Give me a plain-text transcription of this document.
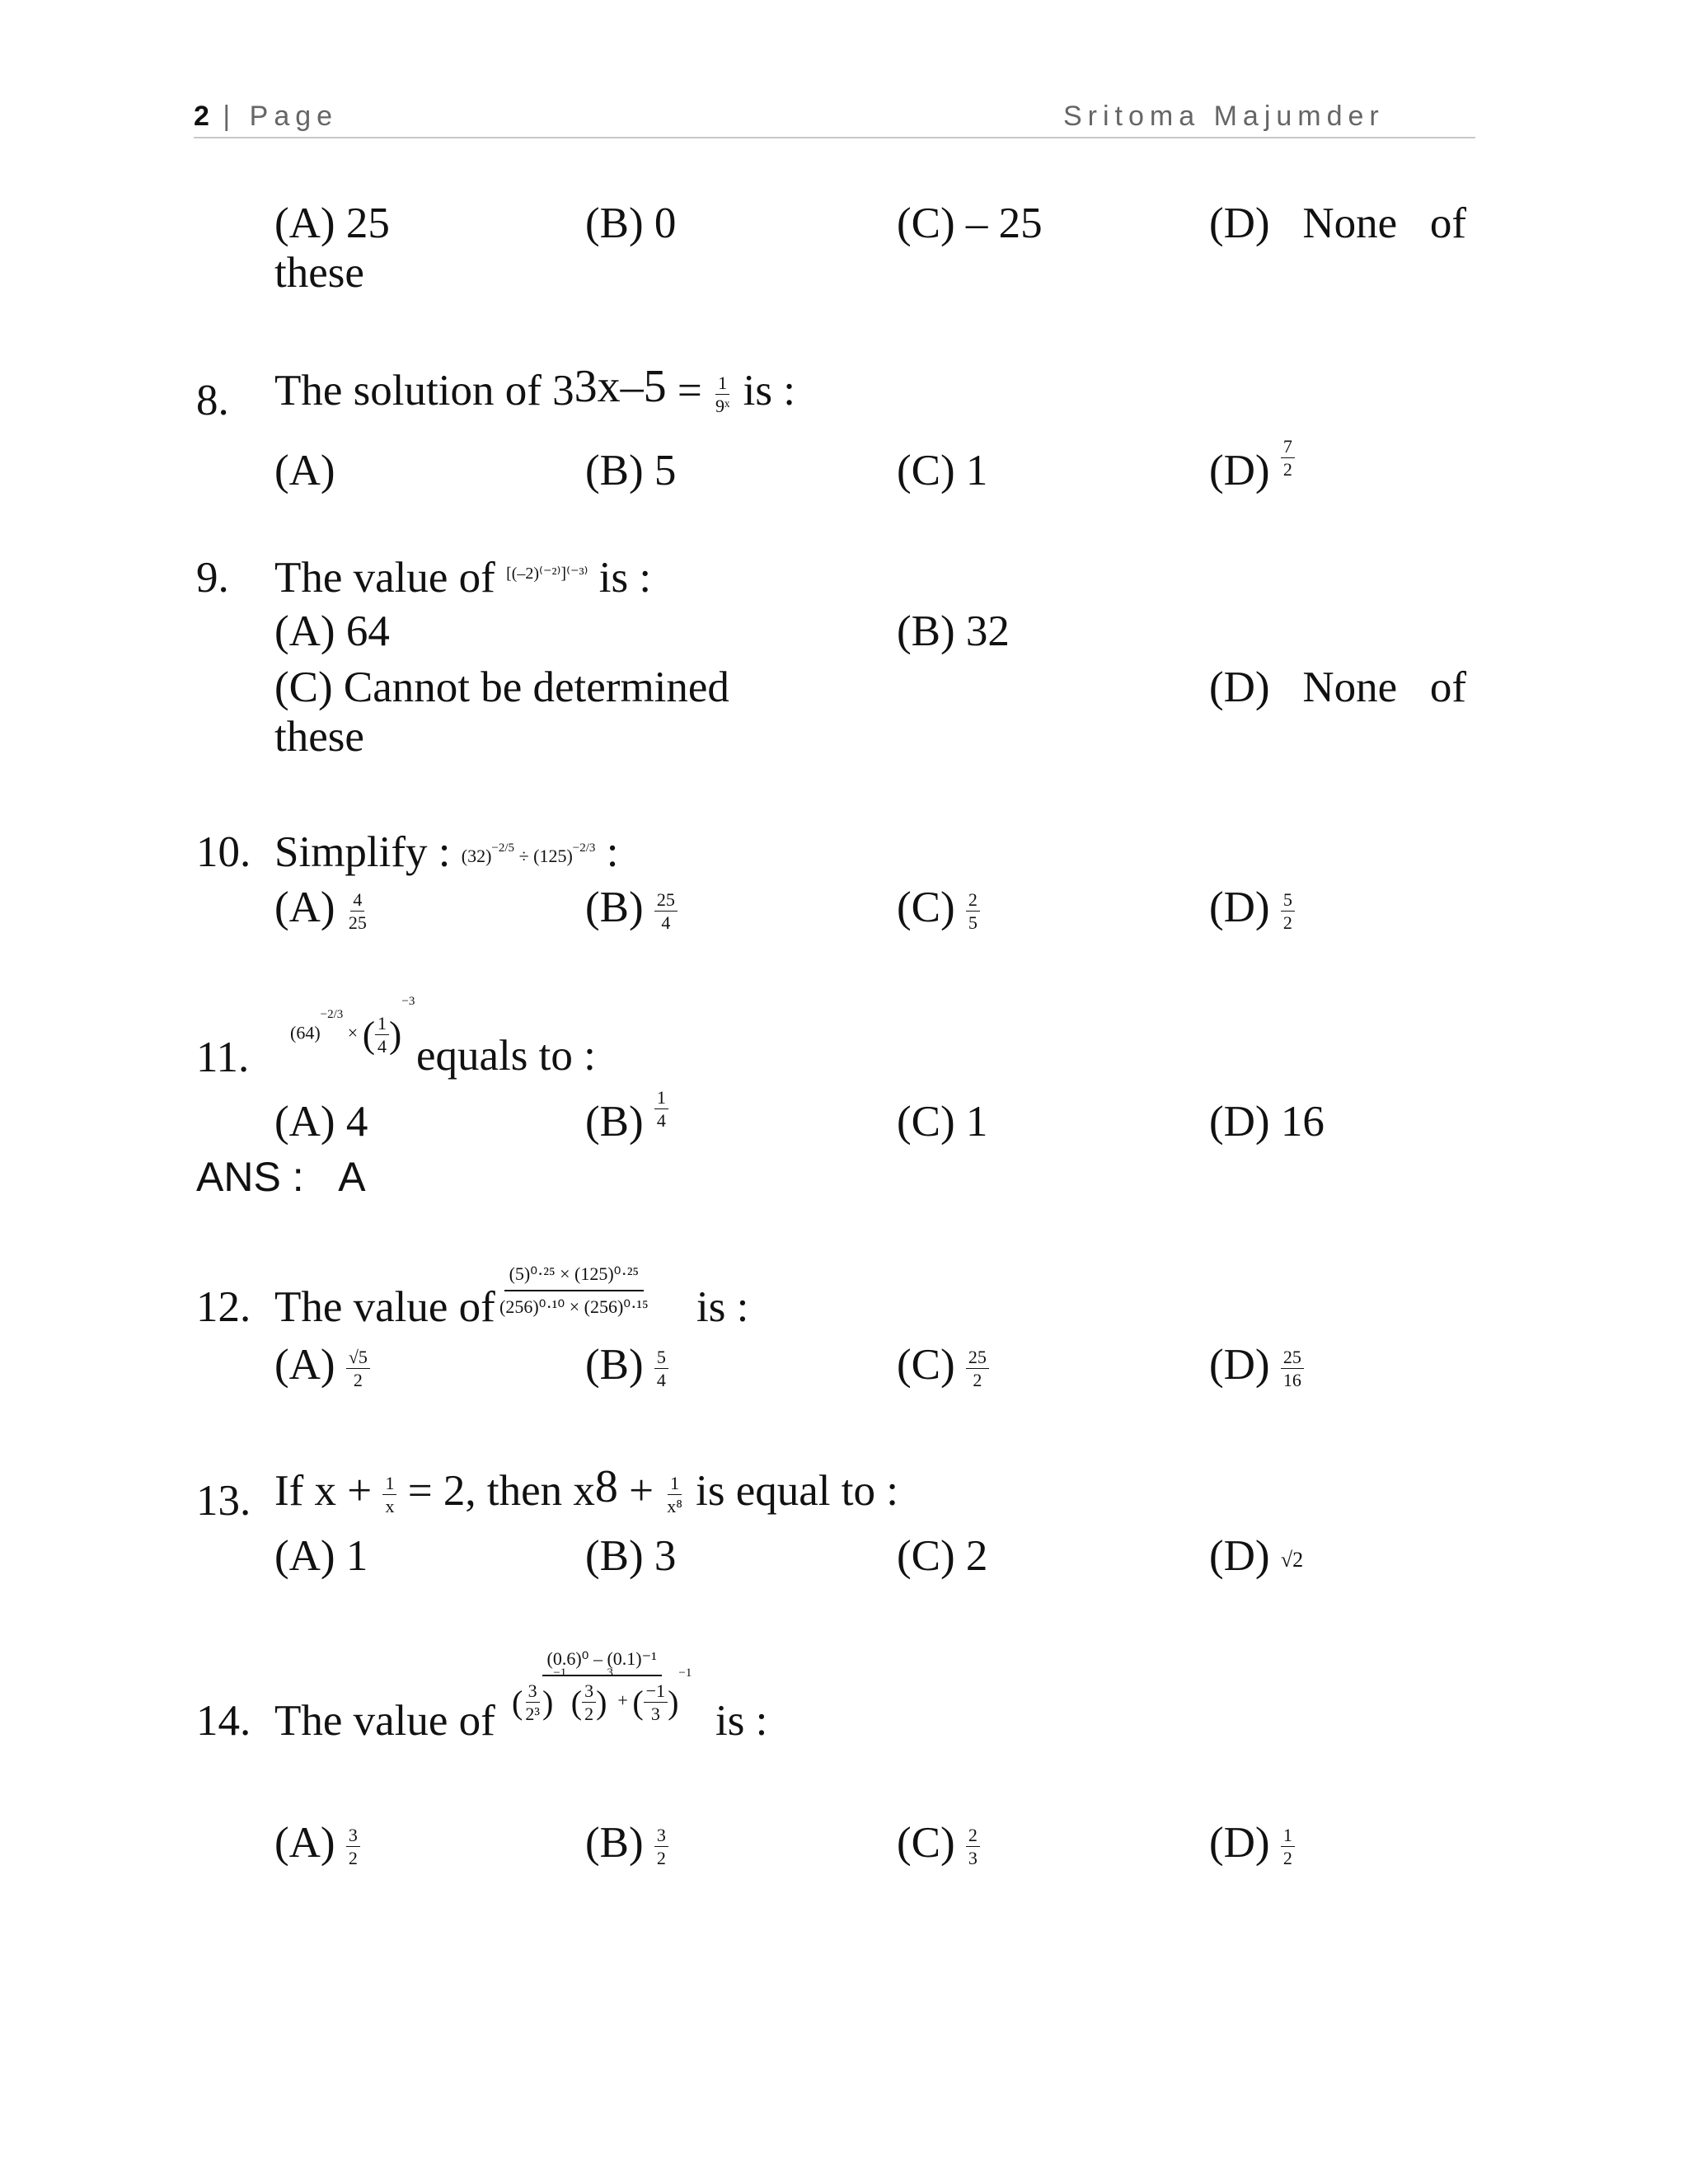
2 | Page	Sritoma Majumder
(A) 25	(B) 0	(C) – 25	(D)   None   of
these
8. The solution of $33x-5 = \frac{1}{\text{9ˣ}}$ is :
(A)	(B) 5	(C) 1	$(D) \frac{7}{2}$
9. The value of [(–2)⁽⁻²⁾]⁽⁻³⁾ is :
(A) 64	(B) 32
(C) Cannot be determined	(D)   None   of
these
10. Simplify : $(32)^{-2/5} \div (125)^{-2/3}$ :
$(A) \frac{4}{25}$	$(B) \frac{25}{4}$	$(C) \frac{2}{5}$	$(D) \frac{5}{2}$
11.
$(64)^{-2/3}$ × ( $\frac{1}{4} )^{-3}$
equals to :
(A) 4	$(B) \frac{1}{4}$	(C) 1	(D) 16
ANS : A
12. The value of $\frac{\text{(5)⁰·²⁵ × (125)⁰·²⁵}}{\text{(256)⁰·¹⁰ × (256)⁰·¹⁵}}$ is :
$(A) \frac{√5}{2}$	$(B) \frac{5}{4}$	$(C) \frac{25}{2}$	$(D) \frac{25}{16}$
13. If $x + \frac{1}{x} = 2$, then $x8 + \frac{1}{\text{x⁸}}$ is equal to :
(A) 1	(B) 3	(C) 2	(D) √2
14. The value of $\frac{\text{(0.6)⁰ – (0.1)⁻¹}}{( \frac{3}{\text{2³}} )^{-1} ( \frac{3}{2} )^3 + ( \frac{-1}{3} )^{-1}}$ is :
$(A) \frac{3}{2}$	$(B) \frac{3}{2}$	$(C) \frac{2}{3}$	$(D) \frac{1}{2}$
